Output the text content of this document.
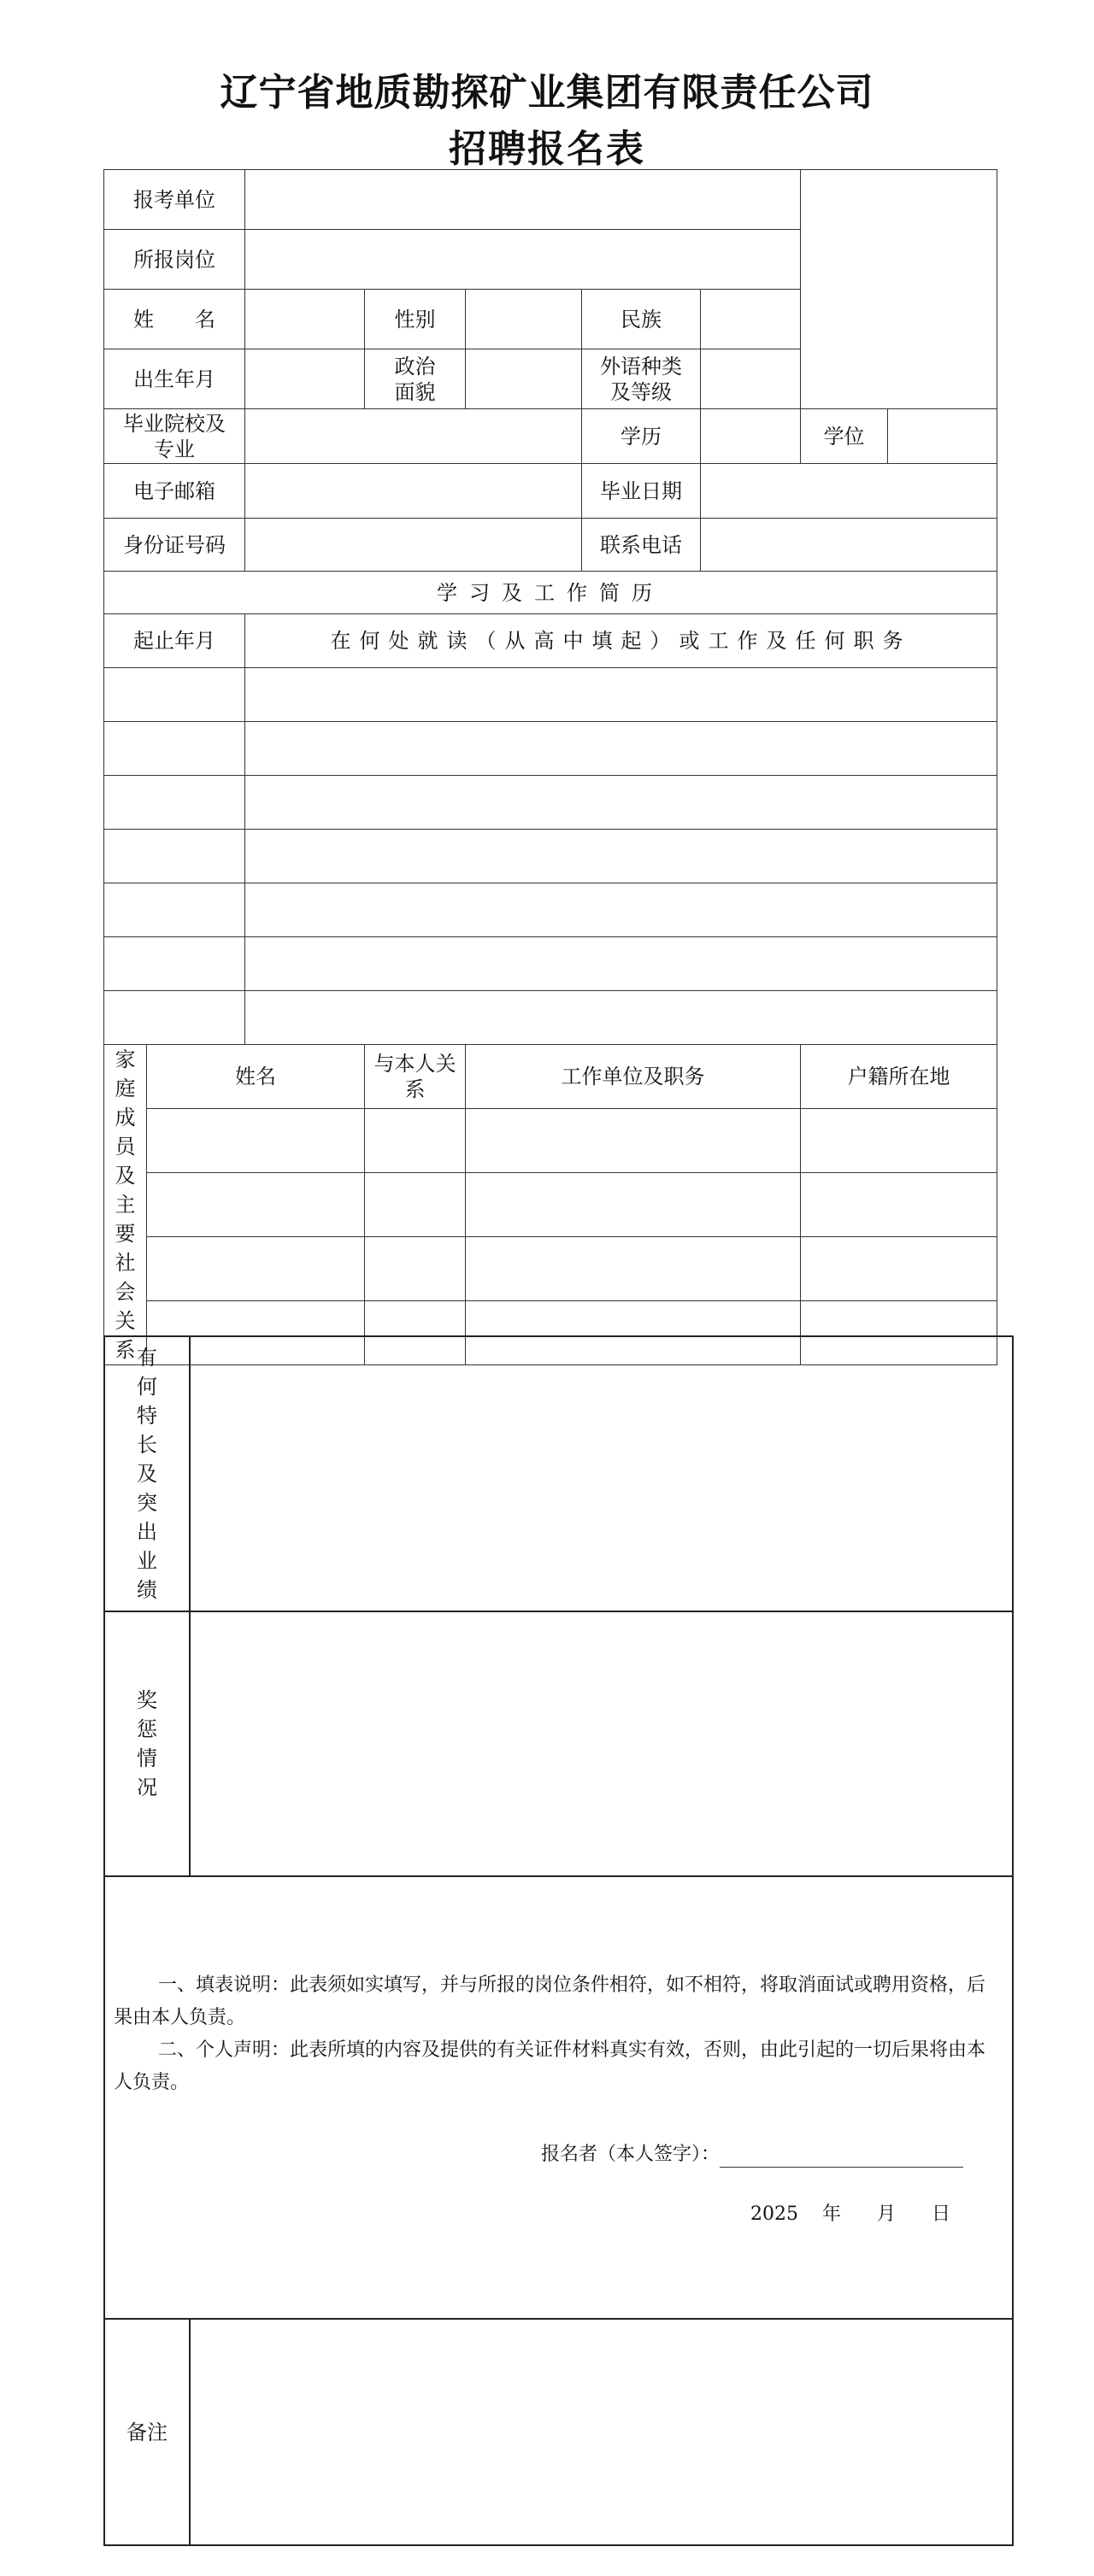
辽宁省地质勘探矿业集团有限责任公司
招聘报名表
报考单位								
所报岗位								
姓　　名			性别		民族			
出生年月			政治面貌		外语种类及等级			

毕业院校及专业					学历		学位	
电子邮箱					毕业日期			
身份证号码					联系电话			
学习及工作简历								
起止年月		在何处就读（从高中填起）或工作及任何职务						

家庭成员及主要社会关系	姓名		与本人关系	工作单位及职务			户籍所在地	

有何特长及突出业绩	

奖惩情况	

一、填表说明：此表须如实填写，并与所报的岗位条件相符，如不相符，将取消面试或聘用资格，后果由本人负责。

二、个人声明：此表所填的内容及提供的有关证件材料真实有效，否则，由此引起的一切后果将由本人负责。

报名者（本人签字）：
2025 年 月 日	

备注	
